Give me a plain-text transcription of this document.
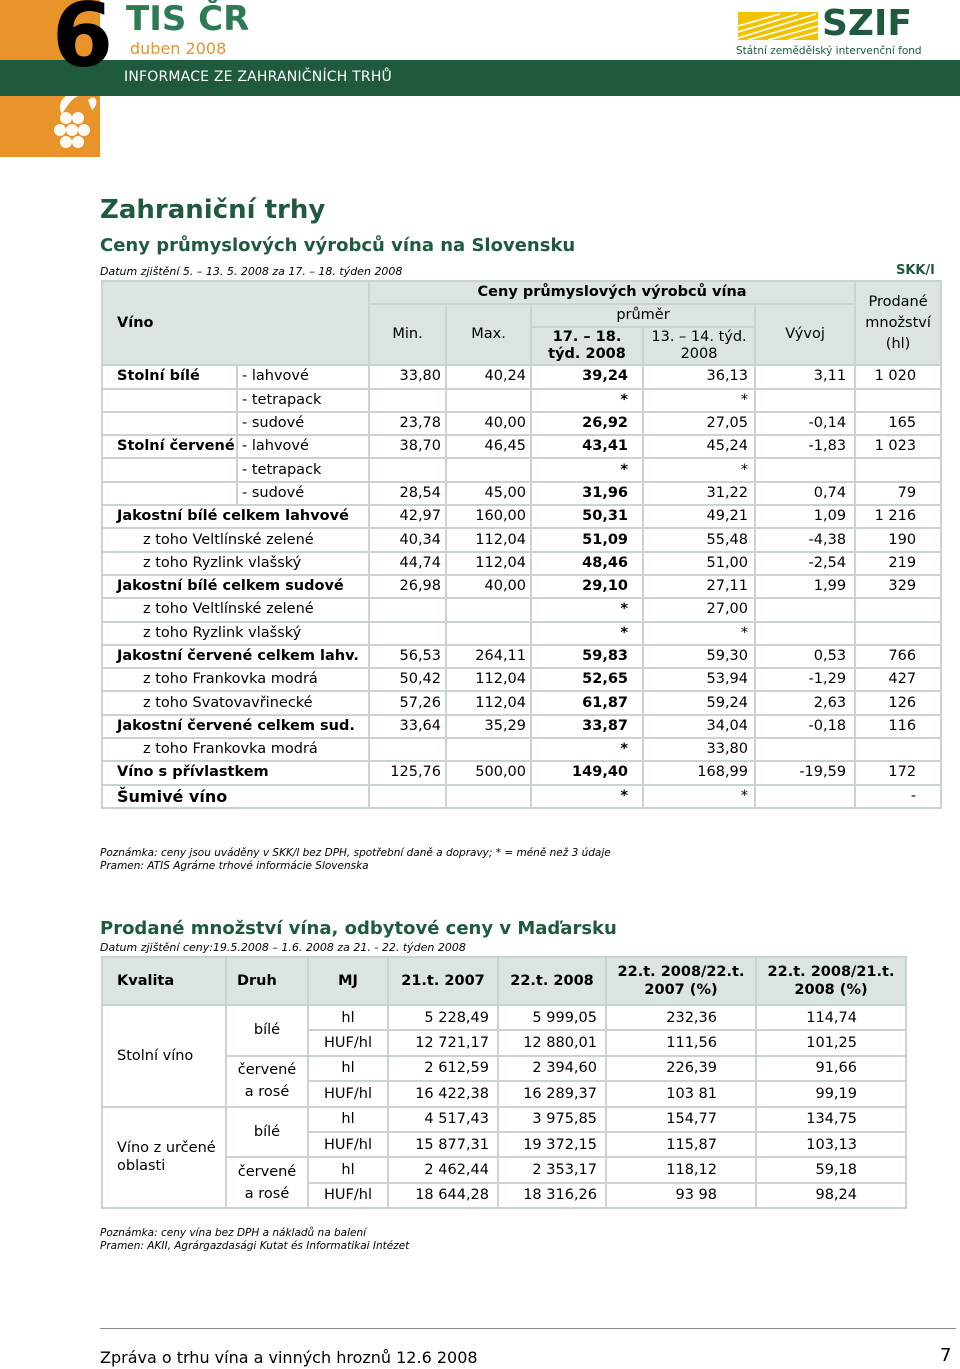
6 TIS ČR
duben 2008
INFORMACE ZE ZAHRANIČNÍCH TRHŮ
SZIF
Státní zemědělský intervenční fond
Zahraniční trhy
Ceny průmyslových výrobců vína na Slovensku
Datum zjištění 5. – 13. 5. 2008 za 17. – 18. týden 2008	SKK/l
Víno		Ceny průmyslových výrobců vína					Prodané množství (hl)
		Min.	Max.	průměr		Vývoj	
				17. – 18. týd. 2008	13. – 14. týd. 2008		
Stolní bílé	- lahvové	33,80	40,24	39,24	36,13	3,11	1 020
	- tetrapack			*	*		
	- sudové	23,78	40,00	26,92	27,05	-0,14	165
Stolní červené	- lahvové	38,70	46,45	43,41	45,24	-1,83	1 023
	- tetrapack			*	*		
	- sudové	28,54	45,00	31,96	31,22	0,74	79
Jakostní bílé celkem lahvové		42,97	160,00	50,31	49,21	1,09	1 216
z toho Veltlínské zelené		40,34	112,04	51,09	55,48	-4,38	190
z toho Ryzlink vlašský		44,74	112,04	48,46	51,00	-2,54	219
Jakostní bílé celkem sudové		26,98	40,00	29,10	27,11	1,99	329
z toho Veltlínské zelené				*	27,00		
z toho Ryzlink vlašský				*	*		
Jakostní červené celkem lahv.		56,53	264,11	59,83	59,30	0,53	766
z toho Frankovka modrá		50,42	112,04	52,65	53,94	-1,29	427
z toho Svatovavřinecké		57,26	112,04	61,87	59,24	2,63	126
Jakostní červené celkem sud.		33,64	35,29	33,87	34,04	-0,18	116
z toho Frankovka modrá				*	33,80		
Víno s přívlastkem		125,76	500,00	149,40	168,99	-19,59	172
Šumivé víno				*	*		-
Poznámka: ceny jsou uváděny v SKK/l bez DPH, spotřební daně a dopravy; * = méně než 3 údaje
Pramen: ATIS Agrárne trhové informácie Slovenska
Prodané množství vína, odbytové ceny v Maďarsku
Datum zjištění ceny:19.5.2008 – 1.6. 2008 za 21. - 22. týden 2008
Kvalita	Druh	MJ	21.t. 2007	22.t. 2008	22.t. 2008/22.t. 2007 (%)	22.t. 2008/21.t. 2008 (%)
Stolní víno	bílé	hl	5 228,49	5 999,05	232,36	114,74
		HUF/hl	12 721,17	12 880,01	111,56	101,25
	červené a rosé	hl	2 612,59	2 394,60	226,39	91,66
		HUF/hl	16 422,38	16 289,37	103 81	99,19
Víno z určené oblasti	bílé	hl	4 517,43	3 975,85	154,77	134,75
		HUF/hl	15 877,31	19 372,15	115,87	103,13
	červené a rosé	hl	2 462,44	2 353,17	118,12	59,18
		HUF/hl	18 644,28	18 316,26	93 98	98,24
Poznámka: ceny vína bez DPH a nákladů na balení
Pramen: AKII, Agrárgazdasági Kutat és Informatikai Intézet
Zpráva o trhu vína a vinných hroznů 12.6 2008	7
